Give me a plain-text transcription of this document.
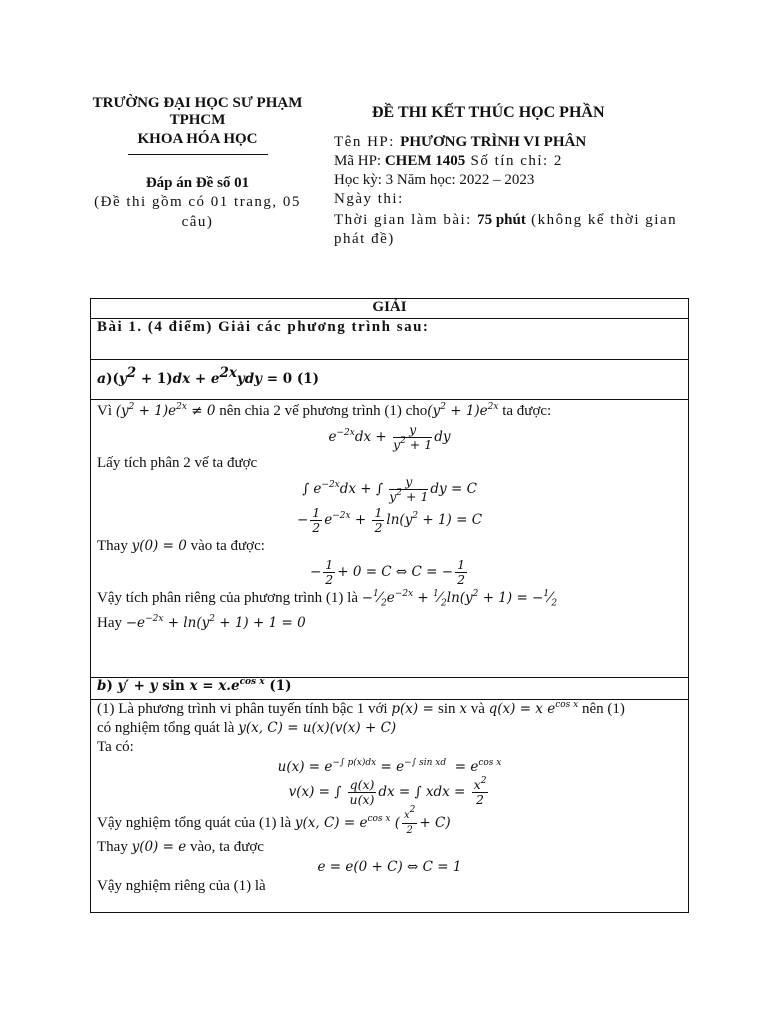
TRƯỜNG ĐẠI HỌC SƯ PHẠM
TPHCM
KHOA HÓA HỌC
Đáp án Đề số 01
(Đề thi gồm có 01 trang, 05
câu)
ĐỀ THI KẾT THÚC HỌC PHẦN
Tên HP: PHƯƠNG TRÌNH VI PHÂN
Mã HP: CHEM 1405 Số tín chỉ: 2
Học kỳ: 3 Năm học: 2022 – 2023
Ngày thi:
Thời gian làm bài: 75 phút (không kể thời gian
phát đề)
GIẢI
Bài 1. (4 điểm) Giải các phương trình sau:
$a)(y^2 + 1)dx + e^{2x}ydy = 0$ (1)

Vì $(y^2 + 1)e^{2x} \ne 0$ nên chia 2 vế phương trình (1) $cho(y^2 + 1)e^{2x}$ ta được:
$e^{-2x}dx + \frac{y}{y^2 + 1}$ dy
Lấy tích phân 2 vế ta được
∫ $e^{-2x}dx$ + ∫ $\frac{y}{y^2 + 1}$ dy = C
− $\frac{1}{2} e^{-2x} + \frac{1}{2} \ln(y^2 + 1) = C$
Thay y(0) = 0 vào ta được:
− $\frac{1}{2} + 0 = C$ ⇔ C = − $\frac{1}{2}$
Vậy tích phân riêng của phương trình (1) là $-^1⁄_2e^{-2x}$ + $^1⁄_2\ln(y^2 + 1)$ = $-^1⁄_2$
Hay $-e^{-2x} + \ln(y^2 + 1) + 1 = 0$

b) y′ + y $\sin x = x.e^{cos x}$ (1)

(1) Là phương trình vi phân tuyến tính bậc 1 với p(x) = sin x và q(x) = x $e^{cos x}$ nên (1)
có nghiệm tổng quát là y(x, C) = u(x)(v(x) + C)
Ta có:
$u(x) = e^{-\int p(x)dx} = e^{-\int sin xd} = e^{cos x}$
v(x) = ∫ $\frac{q(x)}{u(x)}$ dx = ∫ xdx = $\frac{x^2}{2}$
Vậy nghiệm tổng quát của (1) là y(x, $C) = e^{cos x}$ ( $\frac{x^2}{2} + C$)
Thay y(0) = e vào, ta được
e = e(0 + C) ⇔ C = 1
Vậy nghiệm riêng của (1) là
